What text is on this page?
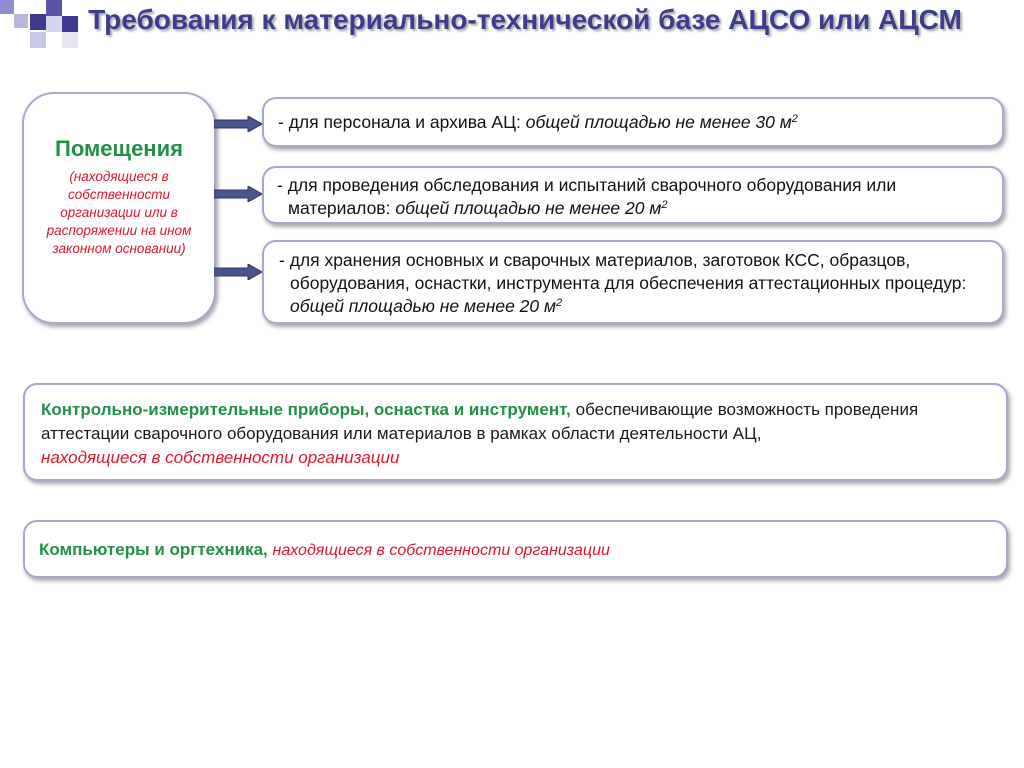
Требования к материально-технической базе АЦСО или АЦСМ
Помещения
(находящиеся в собственности организации или в распоряжении на ином законном основании)
- для персонала и архива АЦ: общей площадью не менее 30 $м^2$
- для проведения обследования и испытаний сварочного оборудования или материалов: общей площадью не менее 20 $м^2$
- для хранения основных и сварочных материалов, заготовок КСС, образцов, оборудования, оснастки, инструмента для обеспечения аттестационных процедур: общей площадью не менее 20 $м^2$
Контрольно-измерительные приборы, оснастка и инструмент, обеспечивающие возможность проведения аттестации сварочного оборудования или материалов в рамках области деятельности АЦ,
находящиеся в собственности организации
Компьютеры и оргтехника, находящиеся в собственности организации
